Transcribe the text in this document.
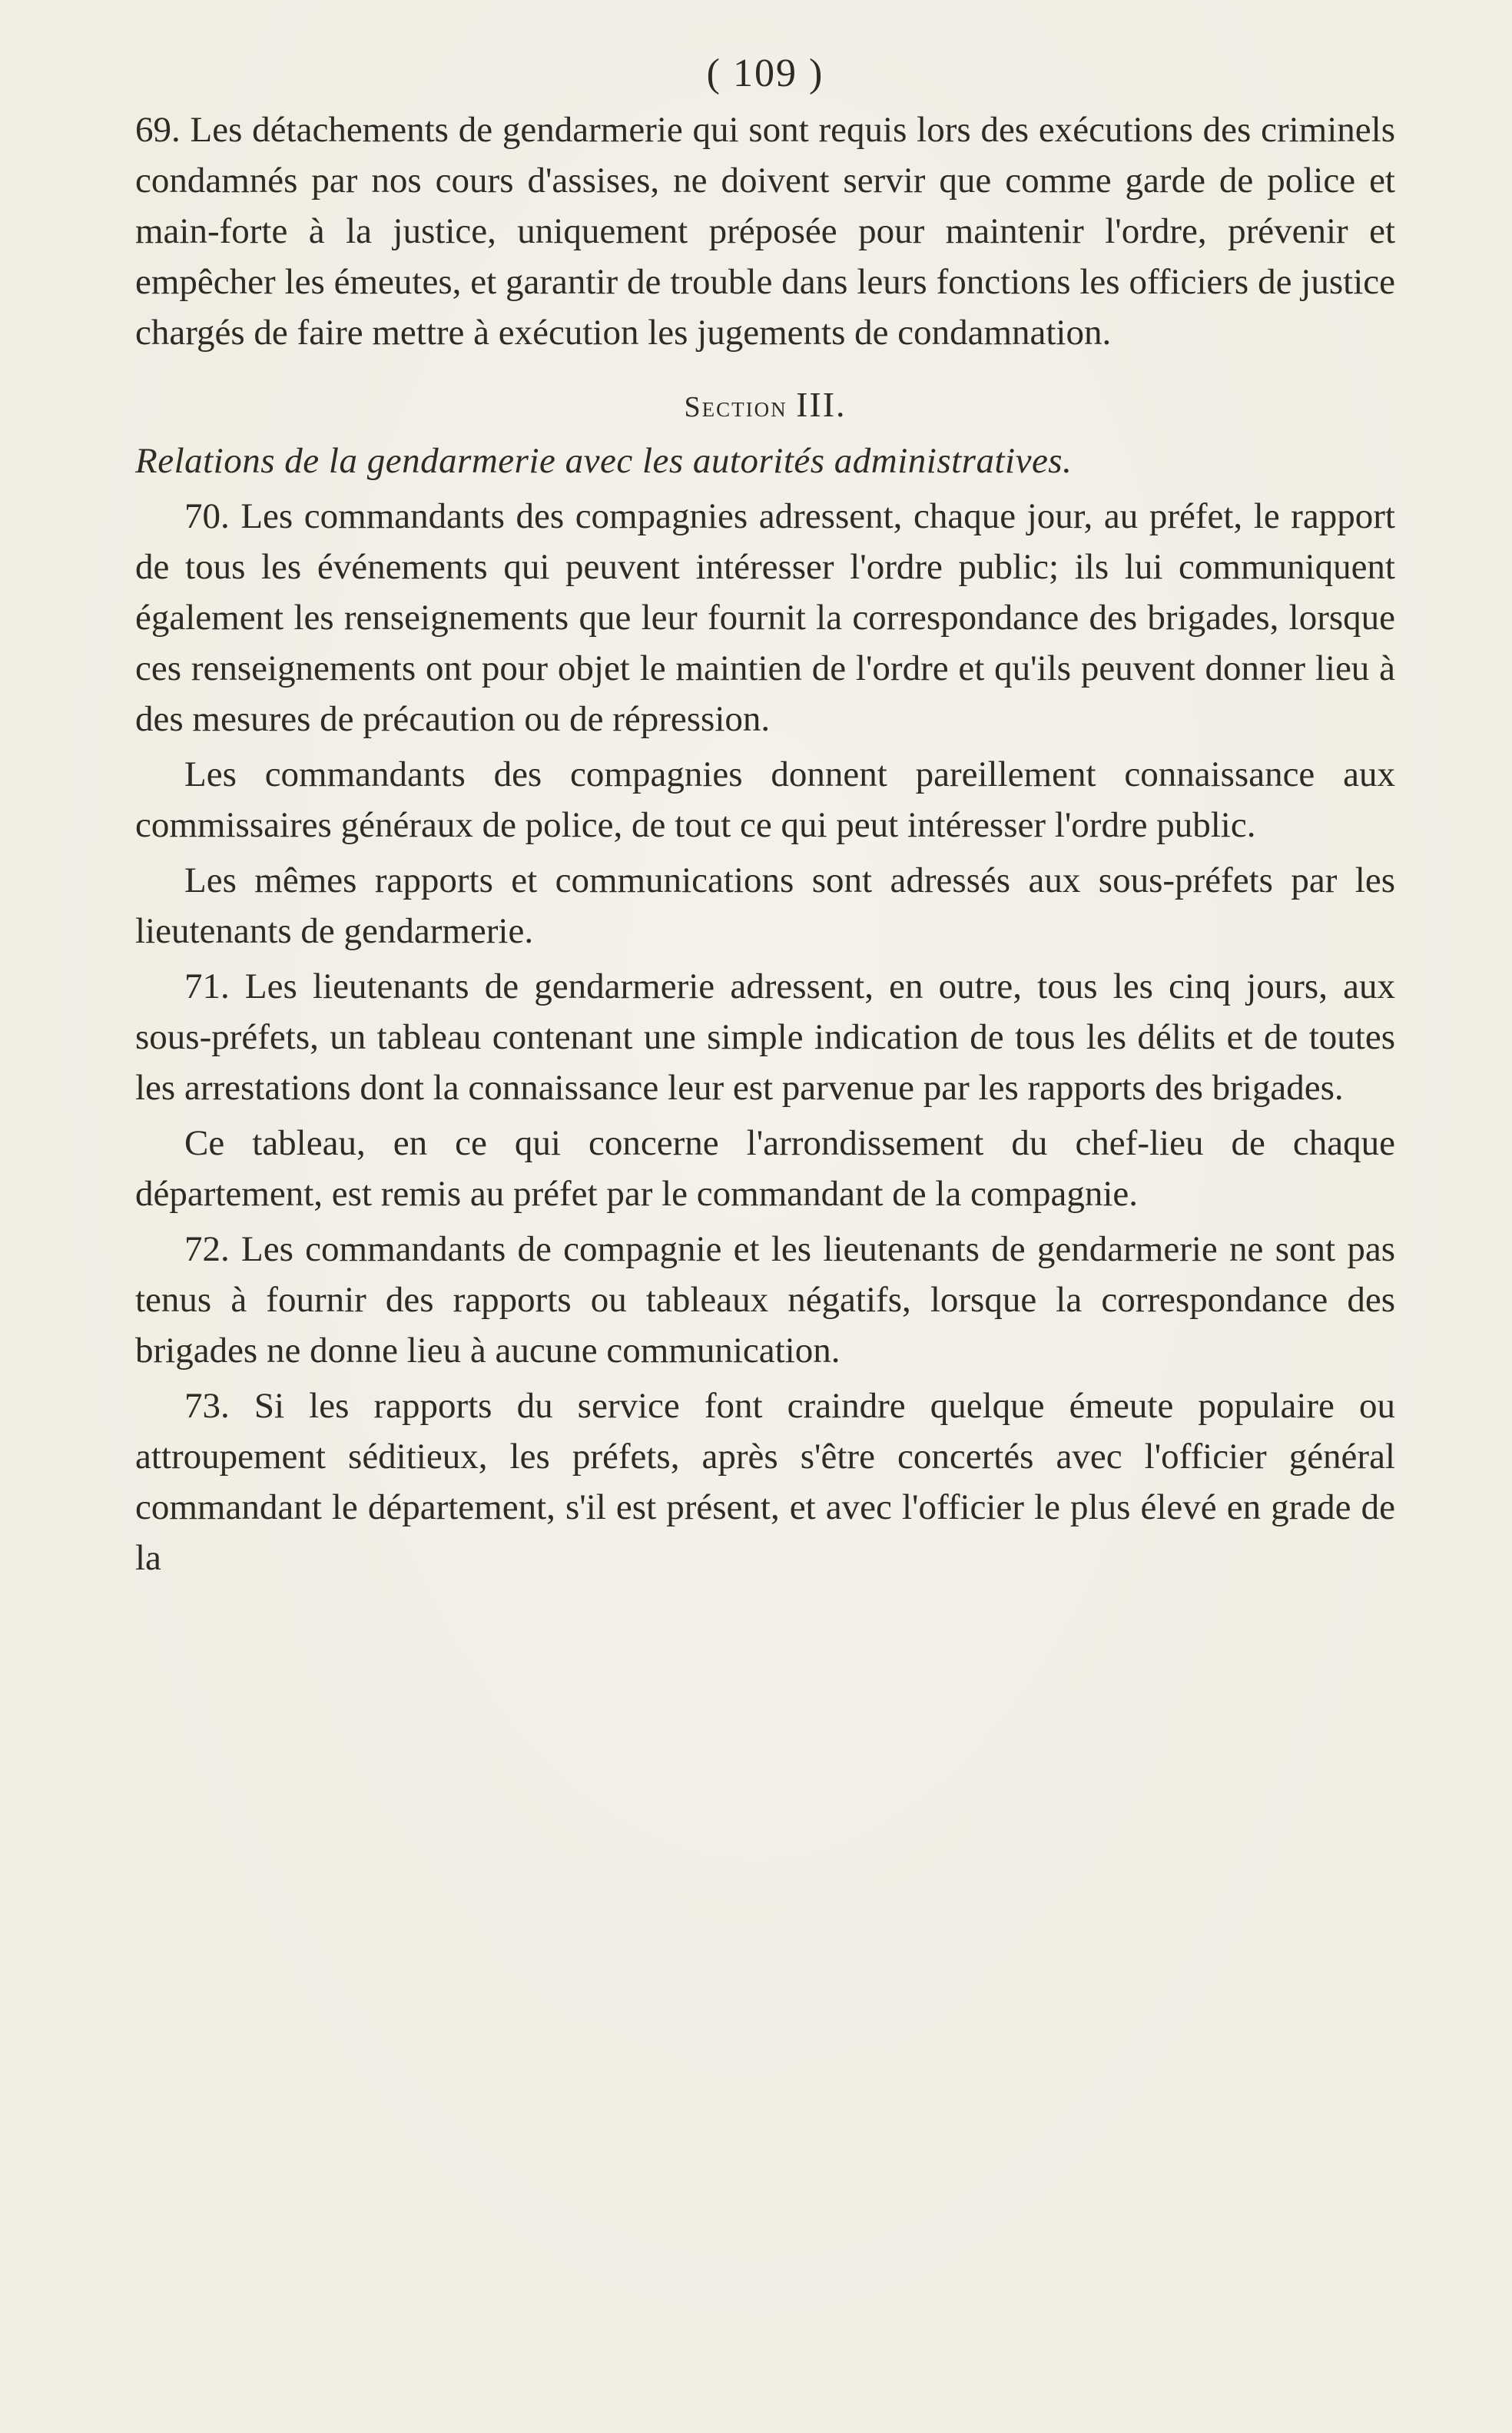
( 109 )

69. Les détachements de gendarmerie qui sont requis lors des exécutions des criminels condamnés par nos cours d'assises, ne doivent servir que comme garde de police et main-forte à la justice, uniquement préposée pour maintenir l'ordre, prévenir et empêcher les émeutes, et garantir de trouble dans leurs fonctions les officiers de justice chargés de faire mettre à exécution les jugements de condamnation.

Section III.
Relations de la gendarmerie avec les autorités administratives.

70. Les commandants des compagnies adressent, chaque jour, au préfet, le rapport de tous les événements qui peuvent intéresser l'ordre public; ils lui communiquent également les renseignements que leur fournit la correspondance des brigades, lorsque ces renseignements ont pour objet le maintien de l'ordre et qu'ils peuvent donner lieu à des mesures de précaution ou de répression.

Les commandants des compagnies donnent pareillement connaissance aux commissaires généraux de police, de tout ce qui peut intéresser l'ordre public.

Les mêmes rapports et communications sont adressés aux sous-préfets par les lieutenants de gendarmerie.

71. Les lieutenants de gendarmerie adressent, en outre, tous les cinq jours, aux sous-préfets, un tableau contenant une simple indication de tous les délits et de toutes les arrestations dont la connaissance leur est parvenue par les rapports des brigades.

Ce tableau, en ce qui concerne l'arrondissement du chef-lieu de chaque département, est remis au préfet par le commandant de la compagnie.

72. Les commandants de compagnie et les lieutenants de gendarmerie ne sont pas tenus à fournir des rapports ou tableaux négatifs, lorsque la correspondance des brigades ne donne lieu à aucune communication.

73. Si les rapports du service font craindre quelque émeute populaire ou attroupement séditieux, les préfets, après s'être concertés avec l'officier général commandant le département, s'il est présent, et avec l'officier le plus élevé en grade de la
